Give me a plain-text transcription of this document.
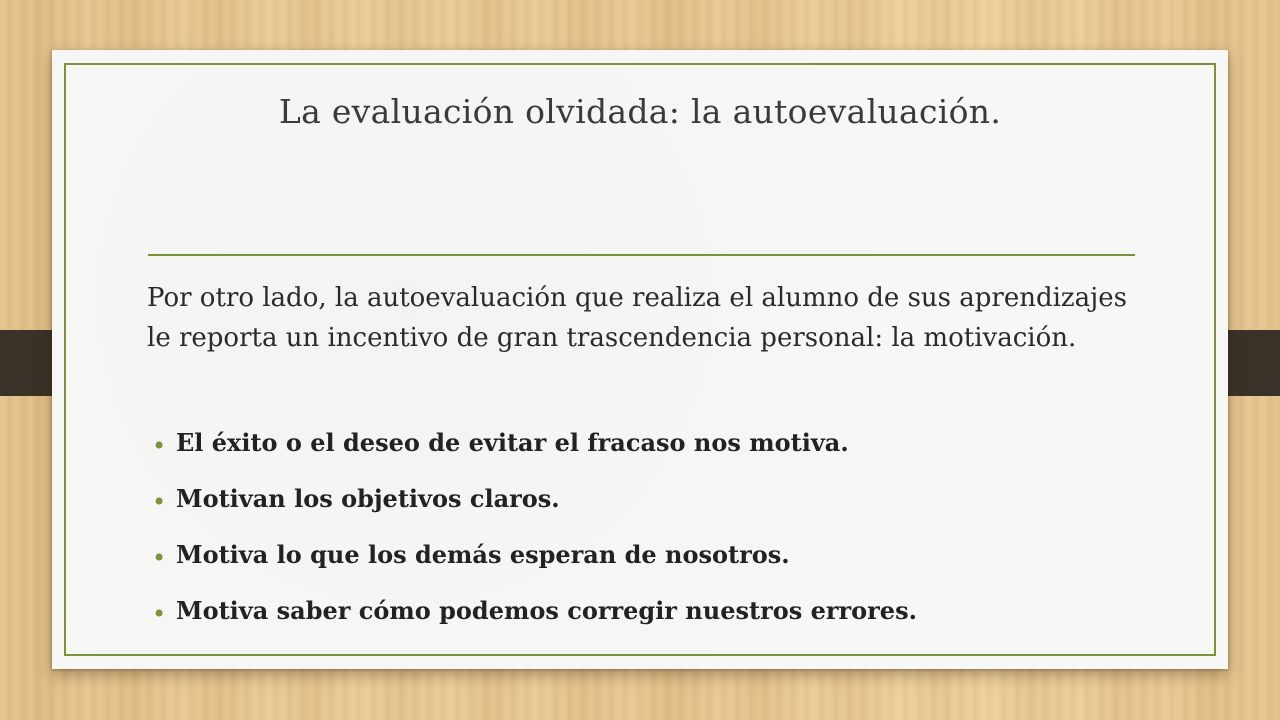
La evaluación olvidada: la autoevaluación.
Por otro lado, la autoevaluación que realiza el alumno de sus aprendizajes le reporta un incentivo de gran trascendencia personal: la motivación.
• El éxito o el deseo de evitar el fracaso nos motiva.
• Motivan los objetivos claros.
• Motiva lo que los demás esperan de nosotros.
• Motiva saber cómo podemos corregir nuestros errores.
